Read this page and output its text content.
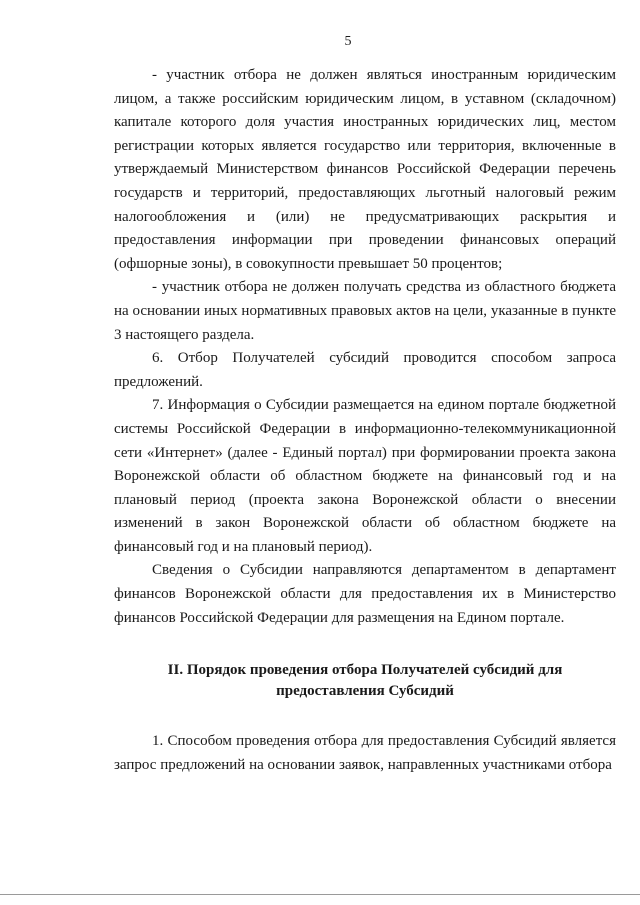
5

- участник отбора не должен являться иностранным юридическим лицом, а также российским юридическим лицом, в уставном (складочном) капитале которого доля участия иностранных юридических лиц, местом регистрации которых является государство или территория, включенные в утверждаемый Министерством финансов Российской Федерации перечень государств и территорий, предоставляющих льготный налоговый режим налогообложения и (или) не предусматривающих раскрытия и предоставления информации при проведении финансовых операций (офшорные зоны), в совокупности превышает 50 процентов;

- участник отбора не должен получать средства из областного бюджета на основании иных нормативных правовых актов на цели, указанные в пункте 3 настоящего раздела.

6. Отбор Получателей субсидий проводится способом запроса предложений.

7. Информация о Субсидии размещается на едином портале бюджетной системы Российской Федерации в информационно-телекоммуникационной сети «Интернет» (далее - Единый портал) при формировании проекта закона Воронежской области об областном бюджете на финансовый год и на плановый период (проекта закона Воронежской области о внесении изменений в закон Воронежской области об областном бюджете на финансовый год и на плановый период).

Сведения о Субсидии направляются департаментом в департамент финансов Воронежской области для предоставления их в Министерство финансов Российской Федерации для размещения на Едином портале.

II. Порядок проведения отбора Получателей субсидий для
предоставления Субсидий

1. Способом проведения отбора для предоставления Субсидий является запрос предложений на основании заявок, направленных участниками отбора
